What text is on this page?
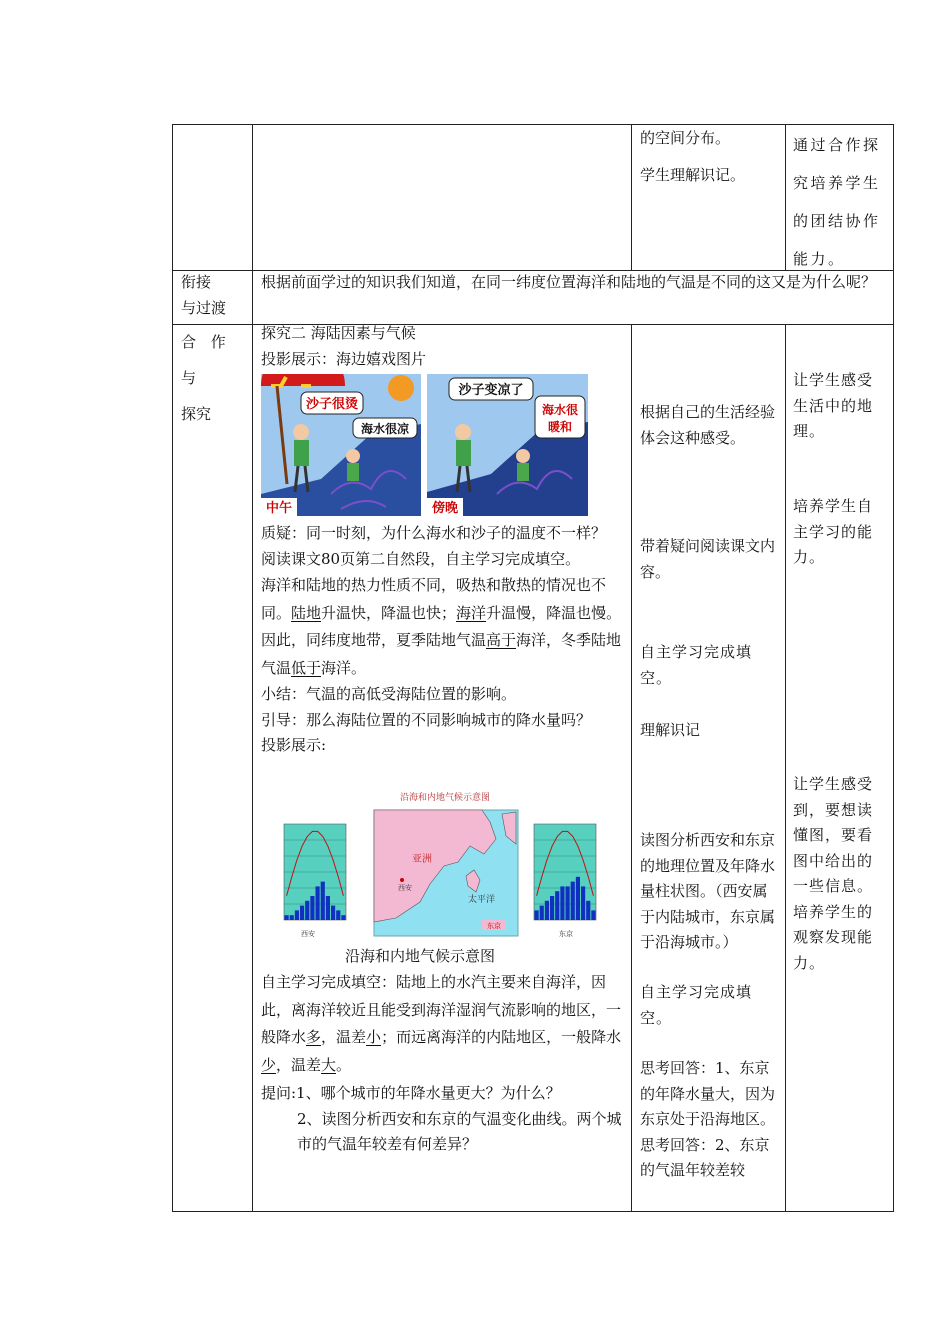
的空间分布。

学生理解识记。

通过合作探究培养学生的团结协作能力。

衔接

与过渡

根据前面学过的知识我们知道，在同一纬度位置海洋和陆地的气温是不同的这又是为什么呢？

合 作 与

探究

探究二 海陆因素与气候

投影展示：海边嬉戏图片

沙子很烫
海水很凉
中午
沙子变凉了
海水很
暖和
傍晚

质疑：同一时刻，为什么海水和沙子的温度不一样？

阅读课文80页第二自然段，自主学习完成填空。

海洋和陆地的热力性质不同，吸热和散热的情况也不同。陆地升温快，降温也快；海洋升温慢，降温也慢。因此，同纬度地带，夏季陆地气温高于海洋，冬季陆地气温低于海洋。

小结：气温的高低受海陆位置的影响。

引导：那么海陆位置的不同影响城市的降水量吗？

投影展示:

沿海和内地气候示意图
亚洲
太平洋
西安
东京
西安	东京

沿海和内地气候示意图

自主学习完成填空：陆地上的水汽主要来自海洋，因此，离海洋较近且能受到海洋湿润气流影响的地区，一般降水多，温差小；而远离海洋的内陆地区，一般降水少，温差大。

提问:1、哪个城市的年降水量更大？为什么？

2、读图分析西安和东京的气温变化曲线。两个城市的气温年较差有何差异？

根据自己的生活经验体会这种感受。

带着疑问阅读课文内容。

自主学习完成填空。

理解识记

读图分析西安和东京的地理位置及年降水量柱状图。（西安属于内陆城市，东京属于沿海城市。）

自主学习完成填空。

思考回答：1、东京的年降水量大，因为东京处于沿海地区。

思考回答：2、东京的气温年较差较

让学生感受生活中的地理。

培养学生自主学习的能力。

让学生感受到，要想读懂图，要看图中给出的一些信息。培养学生的观察发现能力。
